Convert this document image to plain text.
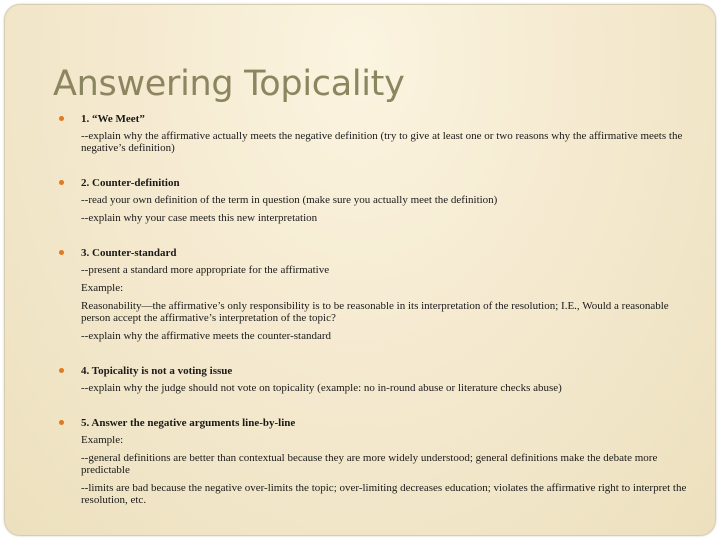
Answering Topicality
1. “We Meet”
--explain why the affirmative actually meets the negative definition (try to give at least one or two reasons why the affirmative meets the negative’s definition)
2. Counter-definition
--read your own definition of the term in question (make sure you actually meet the definition)
--explain why your case meets this new interpretation
3. Counter-standard
--present a standard more appropriate for the affirmative
Example:
Reasonability—the affirmative’s only responsibility is to be reasonable in its interpretation of the resolution; I.E., Would a reasonable person accept the affirmative’s interpretation of the topic?
--explain why the affirmative meets the counter-standard
4. Topicality is not a voting issue
--explain why the judge should not vote on topicality (example: no in-round abuse or literature checks abuse)
5. Answer the negative arguments line-by-line
Example:
--general definitions are better than contextual because they are more widely understood; general definitions make the debate more predictable
--limits are bad because the negative over-limits the topic; over-limiting decreases education; violates the affirmative right to interpret the resolution, etc.
